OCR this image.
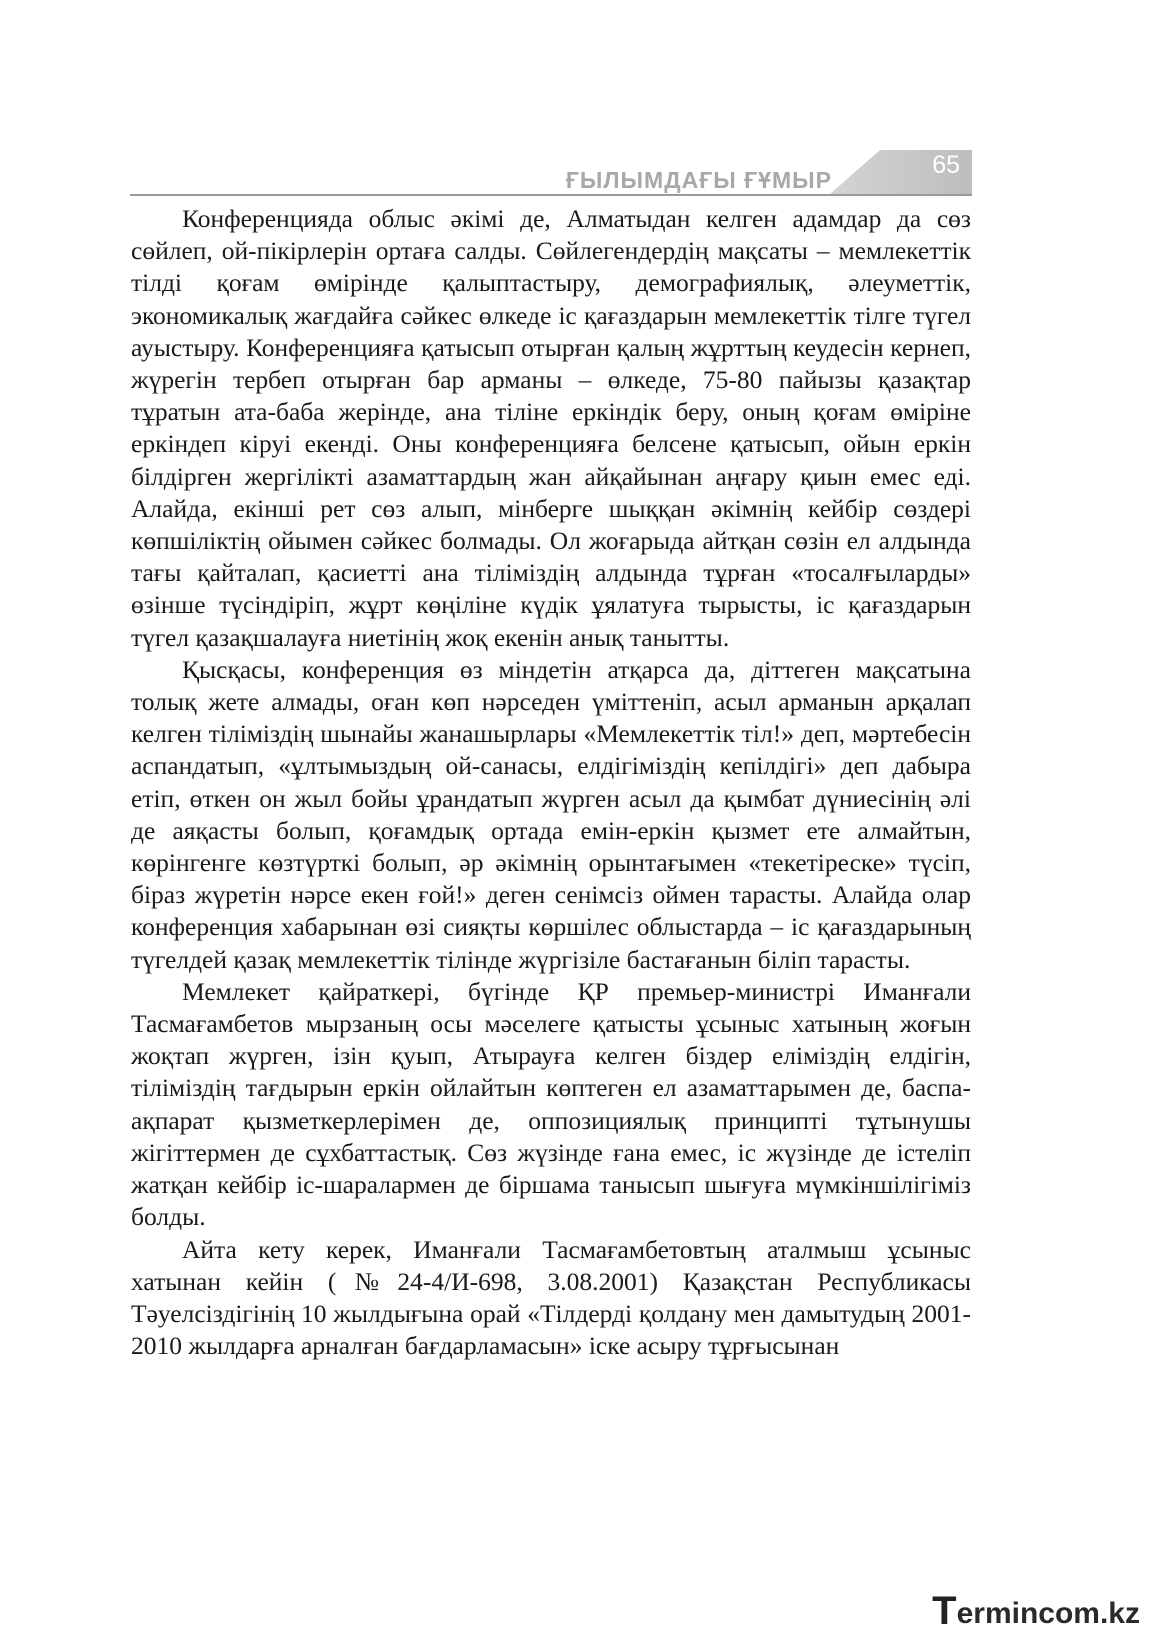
ҒЫЛЫМДАҒЫ ҒҰМЫР
65

Конференцияда облыс әкімі де, Алматыдан келген адамдар да сөз сөйлеп, ой-пікірлерін ортаға салды. Сөйлегендердің мақсаты – мемлекеттік тілді қоғам өмірінде қалыптастыру, демографиялық, әлеуметтік, экономикалық жағдайға сәйкес өлкеде іс қағаздарын мемлекеттік тілге түгел ауыстыру. Конференцияға қатысып отырған қалың жұрттың кеудесін кернеп, жүрегін тербеп отырған бар арманы – өлкеде, 75-80 пайызы қазақтар тұратын ата-баба жерінде, ана тіліне еркіндік беру, оның қоғам өміріне еркіндеп кіруі екенді. Оны конференцияға белсене қатысып, ойын еркін білдірген жергілікті азаматтардың жан айқайынан аңғару қиын емес еді. Алайда, екінші рет сөз алып, мінберге шыққан әкімнің кейбір сөздері көпшіліктің ойымен сәйкес болмады. Ол жоғарыда айтқан сөзін ел алдында тағы қайталап, қасиетті ана тіліміздің алдында тұрған «тосалғыларды» өзінше түсіндіріп, жұрт көңіліне күдік ұялатуға тырысты, іс қағаздарын түгел қазақшалауға ниетінің жоқ екенін анық танытты.

Қысқасы, конференция өз міндетін атқарса да, діттеген мақсатына толық жете алмады, оған көп нәрседен үміттеніп, асыл арманын арқалап келген тіліміздің шынайы жанашырлары «Мемлекеттік тіл!» деп, мәртебесін аспандатып, «ұлтымыздың ой-санасы, елдігіміздің кепілдігі» деп дабыра етіп, өткен он жыл бойы ұрандатып жүрген асыл да қымбат дүниесінің әлі де аяқасты болып, қоғамдық ортада емін-еркін қызмет ете алмайтын, көрінгенге көзтүрткі болып, әр әкімнің орынтағымен «текетіреске» түсіп, біраз жүретін нәрсе екен ғой!» деген сенімсіз оймен тарасты. Алайда олар конференция хабарынан өзі сияқты көршілес облыстарда – іс қағаздарының түгелдей қазақ мемлекеттік тілінде жүргізіле бастағанын біліп тарасты.

Мемлекет қайраткері, бүгінде ҚР премьер-министрі Иманғали Тасмағамбетов мырзаның осы мәселеге қатысты ұсыныс хатының жоғын жоқтап жүрген, ізін қуып, Атырауға келген біздер еліміздің елдігін, тіліміздің тағдырын еркін ойлайтын көптеген ел азаматтарымен де, баспа-ақпарат қызметкерлерімен де, оппозициялық принципті тұтынушы жігіттермен де сұхбаттастық. Сөз жүзінде ғана емес, іс жүзінде де істеліп жатқан кейбір іс-шаралармен де біршама танысып шығуға мүмкіншілігіміз болды.

Айта кету керек, Иманғали Тасмағамбетовтың аталмыш ұсыныс хатынан кейін (№24-4/И-698, 3.08.2001) Қазақстан Республикасы Тәуелсіздігінің 10 жылдығына орай «Тілдерді қолдану мен дамытудың 2001-2010 жылдарға арналған бағдарламасын» іске асыру тұрғысынан

T ermincom.kz
